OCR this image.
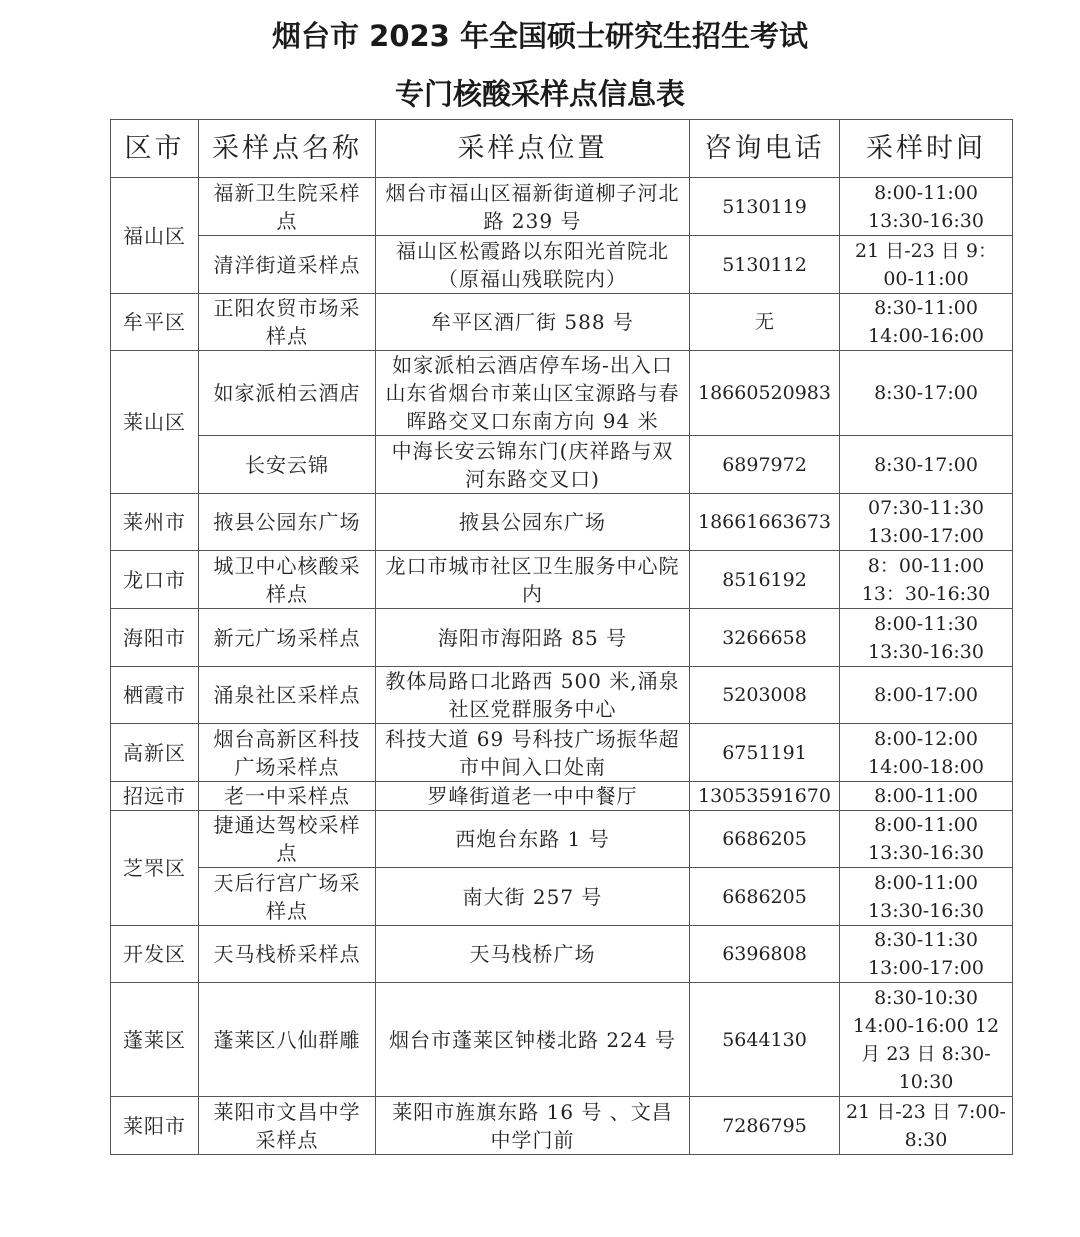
烟台市 2023 年全国硕士研究生招生考试
专门核酸采样点信息表
区市	采样点名称	采样点位置	咨询电话	采样时间
福山区	福新卫生院采样点	烟台市福山区福新街道柳子河北路 239 号	5130119	8:00-11:00 13:30-16:30
	清洋街道采样点	福山区松霞路以东阳光首院北（原福山残联院内）	5130112	21 日-23 日 9：00-11:00
牟平区	正阳农贸市场采样点	牟平区酒厂街 588 号	无	8:30-11:00 14:00-16:00
莱山区	如家派柏云酒店	如家派柏云酒店停车场-出入口山东省烟台市莱山区宝源路与春晖路交叉口东南方向 94 米	18660520983	8:30-17:00
	长安云锦	中海长安云锦东门(庆祥路与双河东路交叉口)	6897972	8:30-17:00
莱州市	掖县公园东广场	掖县公园东广场	18661663673	07:30-11:30 13:00-17:00
龙口市	城卫中心核酸采样点	龙口市城市社区卫生服务中心院内	8516192	8：00-11:00 13：30-16:30
海阳市	新元广场采样点	海阳市海阳路 85 号	3266658	8:00-11:30 13:30-16:30
栖霞市	涌泉社区采样点	教体局路口北路西 500 米,涌泉社区党群服务中心	5203008	8:00-17:00
高新区	烟台高新区科技广场采样点	科技大道 69 号科技广场振华超市中间入口处南	6751191	8:00-12:00 14:00-18:00
招远市	老一中采样点	罗峰街道老一中中餐厅	13053591670	8:00-11:00
芝罘区	捷通达驾校采样点	西炮台东路 1 号	6686205	8:00-11:00 13:30-16:30
	天后行宫广场采样点	南大街 257 号	6686205	8:00-11:00 13:30-16:30
开发区	天马栈桥采样点	天马栈桥广场	6396808	8:30-11:30 13:00-17:00
蓬莱区	蓬莱区八仙群雕	烟台市蓬莱区钟楼北路 224 号	5644130	8:30-10:30 14:00-16:00 12 月 23 日 8:30-10:30
莱阳市	莱阳市文昌中学采样点	莱阳市旌旗东路 16 号 、文昌中学门前	7286795	21 日-23 日 7:00-8:30
